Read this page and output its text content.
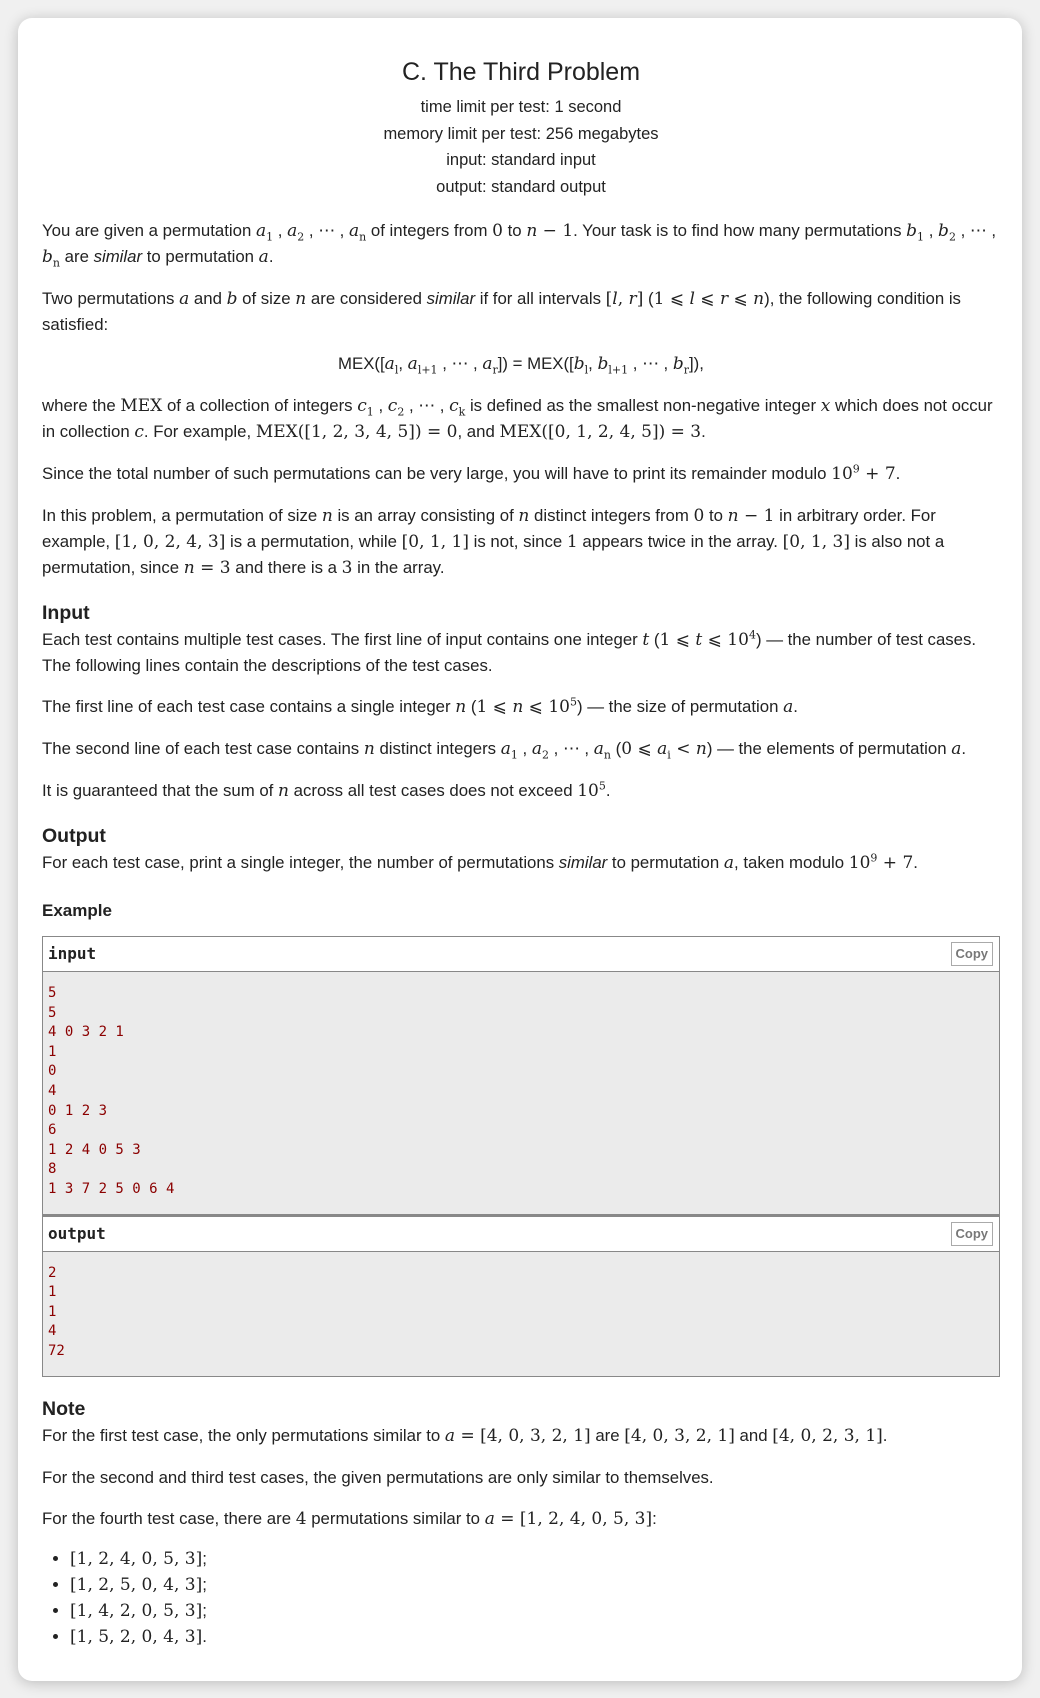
C. The Third Problem
time limit per test: 1 second
memory limit per test: 256 megabytes
input: standard input
output: standard output

You are given a permutation $a_1$ , $a_2$ , ⋯ , $a_n$ of integers from 0 to n − 1. Your task is to find how many permutations $b_1$ , $b_2$ , ⋯ , $b_n$ are similar to permutation a.

Two permutations a and b of size n are considered similar if for all intervals [l, r] (1 ⩽ l ⩽ r ⩽ n), the following condition is satisfied:

$MEX([a_l$, $a_{l+1}$ , ⋯ , $a_r]) = MEX([b_l$, $b_{l+1}$ , ⋯ , $b_r$]),

where the MEX of a collection of integers $c_1$ , $c_2$ , ⋯ , $c_k$ is defined as the smallest non-negative integer x which does not occur in collection c. For example, MEX([1, 2, 3, 4, 5]) = 0, and MEX([0, 1, 2, 4, 5]) = 3.

Since the total number of such permutations can be very large, you will have to print its remainder modulo $10^9 + 7$.

In this problem, a permutation of size n is an array consisting of n distinct integers from 0 to n − 1 in arbitrary order. For example, [1, 0, 2, 4, 3] is a permutation, while [0, 1, 1] is not, since 1 appears twice in the array. [0, 1, 3] is also not a permutation, since n = 3 and there is a 3 in the array.

Input

Each test contains multiple test cases. The first line of input contains one integer t (1 ⩽ t ⩽ $10^4$) — the number of test cases. The following lines contain the descriptions of the test cases.

The first line of each test case contains a single integer n (1 ⩽ n ⩽ $10^5$) — the size of permutation a.

The second line of each test case contains n distinct integers $a_1$ , $a_2$ , ⋯ , $a_n$ (0 ⩽ $a_i < n$) — the elements of permutation a.

It is guaranteed that the sum of n across all test cases does not exceed $10^5$.

Output

For each test case, print a single integer, the number of permutations similar to permutation a, taken modulo $10^9 + 7$.

Example
input	Copy
5
5
4 0 3 2 1
1
0
4
0 1 2 3
6
1 2 4 0 5 3
8
1 3 7 2 5 0 6 4
output	Copy
2
1
1
4
72
Note

For the first test case, the only permutations similar to a = [4, 0, 3, 2, 1] are [4, 0, 3, 2, 1] and [4, 0, 2, 3, 1].

For the second and third test cases, the given permutations are only similar to themselves.

For the fourth test case, there are 4 permutations similar to a = [1, 2, 4, 0, 5, 3]:

• [1, 2, 4, 0, 5, 3];
• [1, 2, 5, 0, 4, 3];
• [1, 4, 2, 0, 5, 3];
• [1, 5, 2, 0, 4, 3].
